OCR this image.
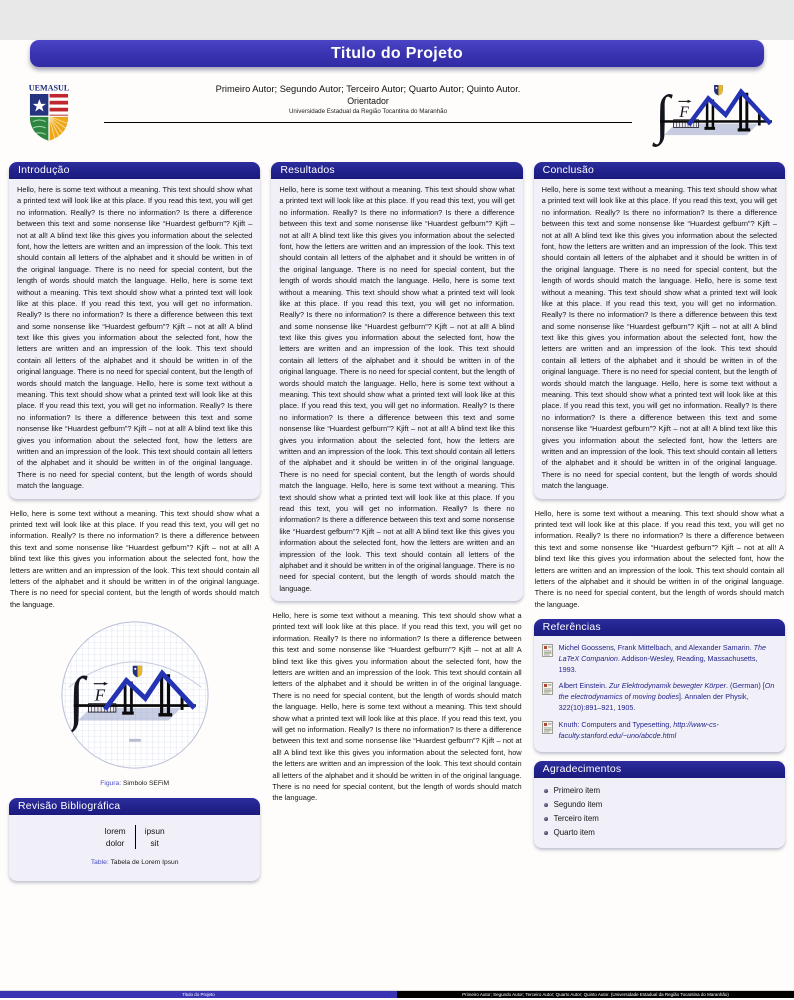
Titulo do Projeto
UEMASUL	Primeiro Autor; Segundo Autor; Terceiro Autor; Quarto Autor; Quinto Autor.
Orientador
Universidade Estadual da Região Tocantina do Maranhão
Introdução
Hello, here is some text without a meaning. This text should show what a printed text will look like at this place. If you read this text, you will get no information. Really? Is there no information? Is there a difference between this text and some nonsense like “Huardest gefburn”? Kjift – not at all! A blind text like this gives you information about the selected font, how the letters are written and an impression of the look. This text should contain all letters of the alphabet and it should be written in of the original language. There is no need for special content, but the length of words should match the language. Hello, here is some text without a meaning. This text should show what a printed text will look like at this place. If you read this text, you will get no information. Really? Is there no information? Is there a difference between this text and some nonsense like “Huardest gefburn”? Kjift – not at all! A blind text like this gives you information about the selected font, how the letters are written and an impression of the look. This text should contain all letters of the alphabet and it should be written in of the original language. There is no need for special content, but the length of words should match the language. Hello, here is some text without a meaning. This text should show what a printed text will look like at this place. If you read this text, you will get no information. Really? Is there no information? Is there a difference between this text and some nonsense like “Huardest gefburn”? Kjift – not at all! A blind text like this gives you information about the selected font, how the letters are written and an impression of the look. This text should contain all letters of the alphabet and it should be written in of the original language. There is no need for special content, but the length of words should match the language.

Hello, here is some text without a meaning. This text should show what a printed text will look like at this place. If you read this text, you will get no information. Really? Is there no information? Is there a difference between this text and some nonsense like “Huardest gefburn”? Kjift – not at all! A blind text like this gives you information about the selected font, how the letters are written and an impression of the look. This text should contain all letters of the alphabet and it should be written in of the original language. There is no need for special content, but the length of words should match the language.

Figura: Simbolo SEFiM
Revisão Bibliográfica
lorem	ipsun
dolor	sit
Table: Tabela de Lorem Ipsun
Resultados
Hello, here is some text without a meaning. This text should show what a printed text will look like at this place. If you read this text, you will get no information. Really? Is there no information? Is there a difference between this text and some nonsense like “Huardest gefburn”? Kjift – not at all! A blind text like this gives you information about the selected font, how the letters are written and an impression of the look. This text should contain all letters of the alphabet and it should be written in of the original language. There is no need for special content, but the length of words should match the language. Hello, here is some text without a meaning. This text should show what a printed text will look like at this place. If you read this text, you will get no information. Really? Is there no information? Is there a difference between this text and some nonsense like “Huardest gefburn”? Kjift – not at all! A blind text like this gives you information about the selected font, how the letters are written and an impression of the look. This text should contain all letters of the alphabet and it should be written in of the original language. There is no need for special content, but the length of words should match the language. Hello, here is some text without a meaning. This text should show what a printed text will look like at this place. If you read this text, you will get no information. Really? Is there no information? Is there a difference between this text and some nonsense like “Huardest gefburn”? Kjift – not at all! A blind text like this gives you information about the selected font, how the letters are written and an impression of the look. This text should contain all letters of the alphabet and it should be written in of the original language. There is no need for special content, but the length of words should match the language. Hello, here is some text without a meaning. This text should show what a printed text will look like at this place. If you read this text, you will get no information. Really? Is there no information? Is there a difference between this text and some nonsense like “Huardest gefburn”? Kjift – not at all! A blind text like this gives you information about the selected font, how the letters are written and an impression of the look. This text should contain all letters of the alphabet and it should be written in of the original language. There is no need for special content, but the length of words should match the language.

Hello, here is some text without a meaning. This text should show what a printed text will look like at this place. If you read this text, you will get no information. Really? Is there no information? Is there a difference between this text and some nonsense like “Huardest gefburn”? Kjift – not at all! A blind text like this gives you information about the selected font, how the letters are written and an impression of the look. This text should contain all letters of the alphabet and it should be written in of the original language. There is no need for special content, but the length of words should match the language. Hello, here is some text without a meaning. This text should show what a printed text will look like at this place. If you read this text, you will get no information. Really? Is there no information? Is there a difference between this text and some nonsense like “Huardest gefburn”? Kjift – not at all! A blind text like this gives you information about the selected font, how the letters are written and an impression of the look. This text should contain all letters of the alphabet and it should be written in of the original language. There is no need for special content, but the length of words should match the language.

Conclusão
Hello, here is some text without a meaning. This text should show what a printed text will look like at this place. If you read this text, you will get no information. Really? Is there no information? Is there a difference between this text and some nonsense like “Huardest gefburn”? Kjift – not at all! A blind text like this gives you information about the selected font, how the letters are written and an impression of the look. This text should contain all letters of the alphabet and it should be written in of the original language. There is no need for special content, but the length of words should match the language. Hello, here is some text without a meaning. This text should show what a printed text will look like at this place. If you read this text, you will get no information. Really? Is there no information? Is there a difference between this text and some nonsense like “Huardest gefburn”? Kjift – not at all! A blind text like this gives you information about the selected font, how the letters are written and an impression of the look. This text should contain all letters of the alphabet and it should be written in of the original language. There is no need for special content, but the length of words should match the language. Hello, here is some text without a meaning. This text should show what a printed text will look like at this place. If you read this text, you will get no information. Really? Is there no information? Is there a difference between this text and some nonsense like “Huardest gefburn”? Kjift – not at all! A blind text like this gives you information about the selected font, how the letters are written and an impression of the look. This text should contain all letters of the alphabet and it should be written in of the original language. There is no need for special content, but the length of words should match the language.

Hello, here is some text without a meaning. This text should show what a printed text will look like at this place. If you read this text, you will get no information. Really? Is there no information? Is there a difference between this text and some nonsense like “Huardest gefburn”? Kjift – not at all! A blind text like this gives you information about the selected font, how the letters are written and an impression of the look. This text should contain all letters of the alphabet and it should be written in of the original language. There is no need for special content, but the length of words should match the language.

Referências
Michel Goossens, Frank Mittelbach, and Alexander Samarin. The LaTeX Companion. Addison-Wesley, Reading, Massachusetts, 1993.
Albert Einstein. Zur Elektrodynamik bewegter Körper. (German) [On the electrodynamics of moving bodies]. Annalen der Physik, 322(10):891–921, 1905.
Knuth: Computers and Typesetting, http://www-cs-faculty.stanford.edu/~uno/abcde.html
Agradecimentos
Primeiro item
Segundo item
Terceiro item
Quarto item
Titulo do Projeto	Primeiro Autor; Segundo Autor; Terceiro Autor; Quarto Autor; Quinto Autor. (Universidade Estadual da Região Tocantina do Maranhão)
